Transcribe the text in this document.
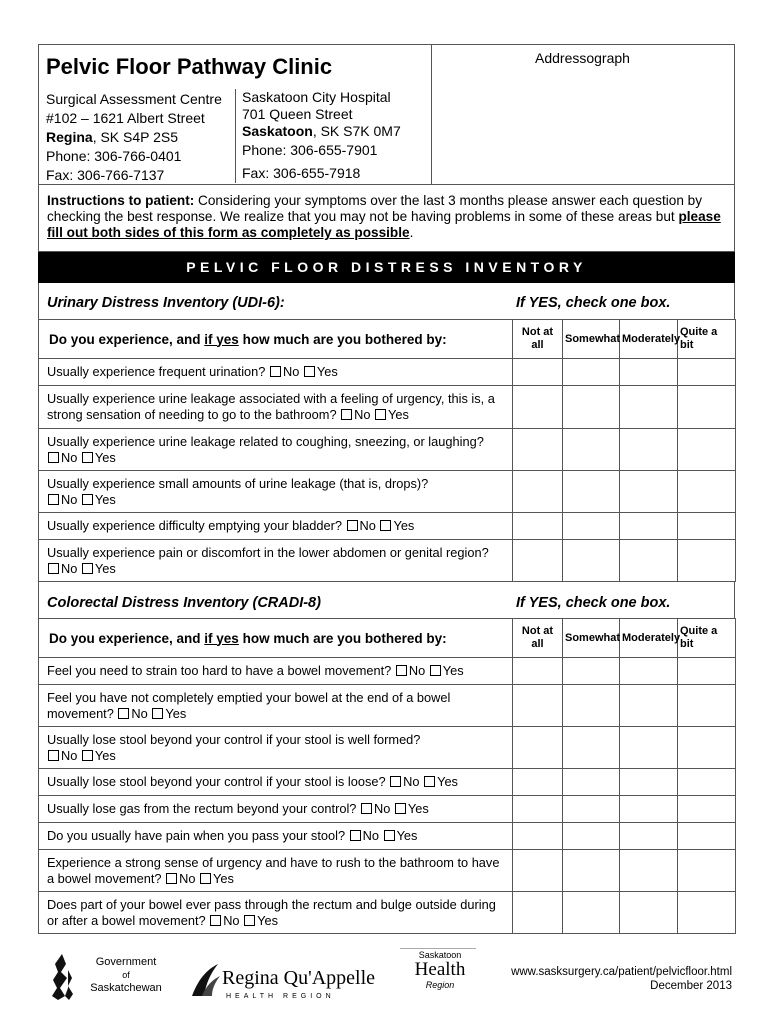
Pelvic Floor Pathway Clinic
Surgical Assessment Centre
#102 – 1621 Albert Street
Regina, SK S4P 2S5
Phone: 306-766-0401
Fax: 306-766-7137
Saskatoon City Hospital
701 Queen Street
Saskatoon, SK S7K 0M7
Phone: 306-655-7901
Fax: 306-655-7918
Addressograph
Instructions to patient: Considering your symptoms over the last 3 months please answer each question by checking the best response. We realize that you may not be having problems in some of these areas but please fill out both sides of this form as completely as possible.
PELVIC FLOOR DISTRESS INVENTORY
Urinary Distress Inventory (UDI-6):	If YES, check one box.
Do you experience, and if yes how much are you bothered by:	Not at all	Somewhat	Moderately	Quite a bit
Usually experience frequent urination? No Yes				
Usually experience urine leakage associated with a feeling of urgency, this is, a strong sensation of needing to go to the bathroom? No Yes				
Usually experience urine leakage related to coughing, sneezing, or laughing?
No Yes				
Usually experience small amounts of urine leakage (that is, drops)?
No Yes				
Usually experience difficulty emptying your bladder? No Yes				
Usually experience pain or discomfort in the lower abdomen or genital region?
No Yes				
Colorectal Distress Inventory (CRADI-8)	If YES, check one box.
Do you experience, and if yes how much are you bothered by:	Not at all	Somewhat	Moderately	Quite a bit
Feel you need to strain too hard to have a bowel movement? No Yes				
Feel you have not completely emptied your bowel at the end of a bowel movement? No Yes				
Usually lose stool beyond your control if your stool is well formed?
No Yes				
Usually lose stool beyond your control if your stool is loose? No Yes				
Usually lose gas from the rectum beyond your control? No Yes				
Do you usually have pain when you pass your stool? No Yes				
Experience a strong sense of urgency and have to rush to the bathroom to have a bowel movement? No Yes				
Does part of your bowel ever pass through the rectum and bulge outside during or after a bowel movement? No Yes				
Government
of
Saskatchewan	Regina Qu'Appelle
HEALTH REGION
Saskatoon
Health
Region
www.sasksurgery.ca/patient/pelvicfloor.html
December 2013
